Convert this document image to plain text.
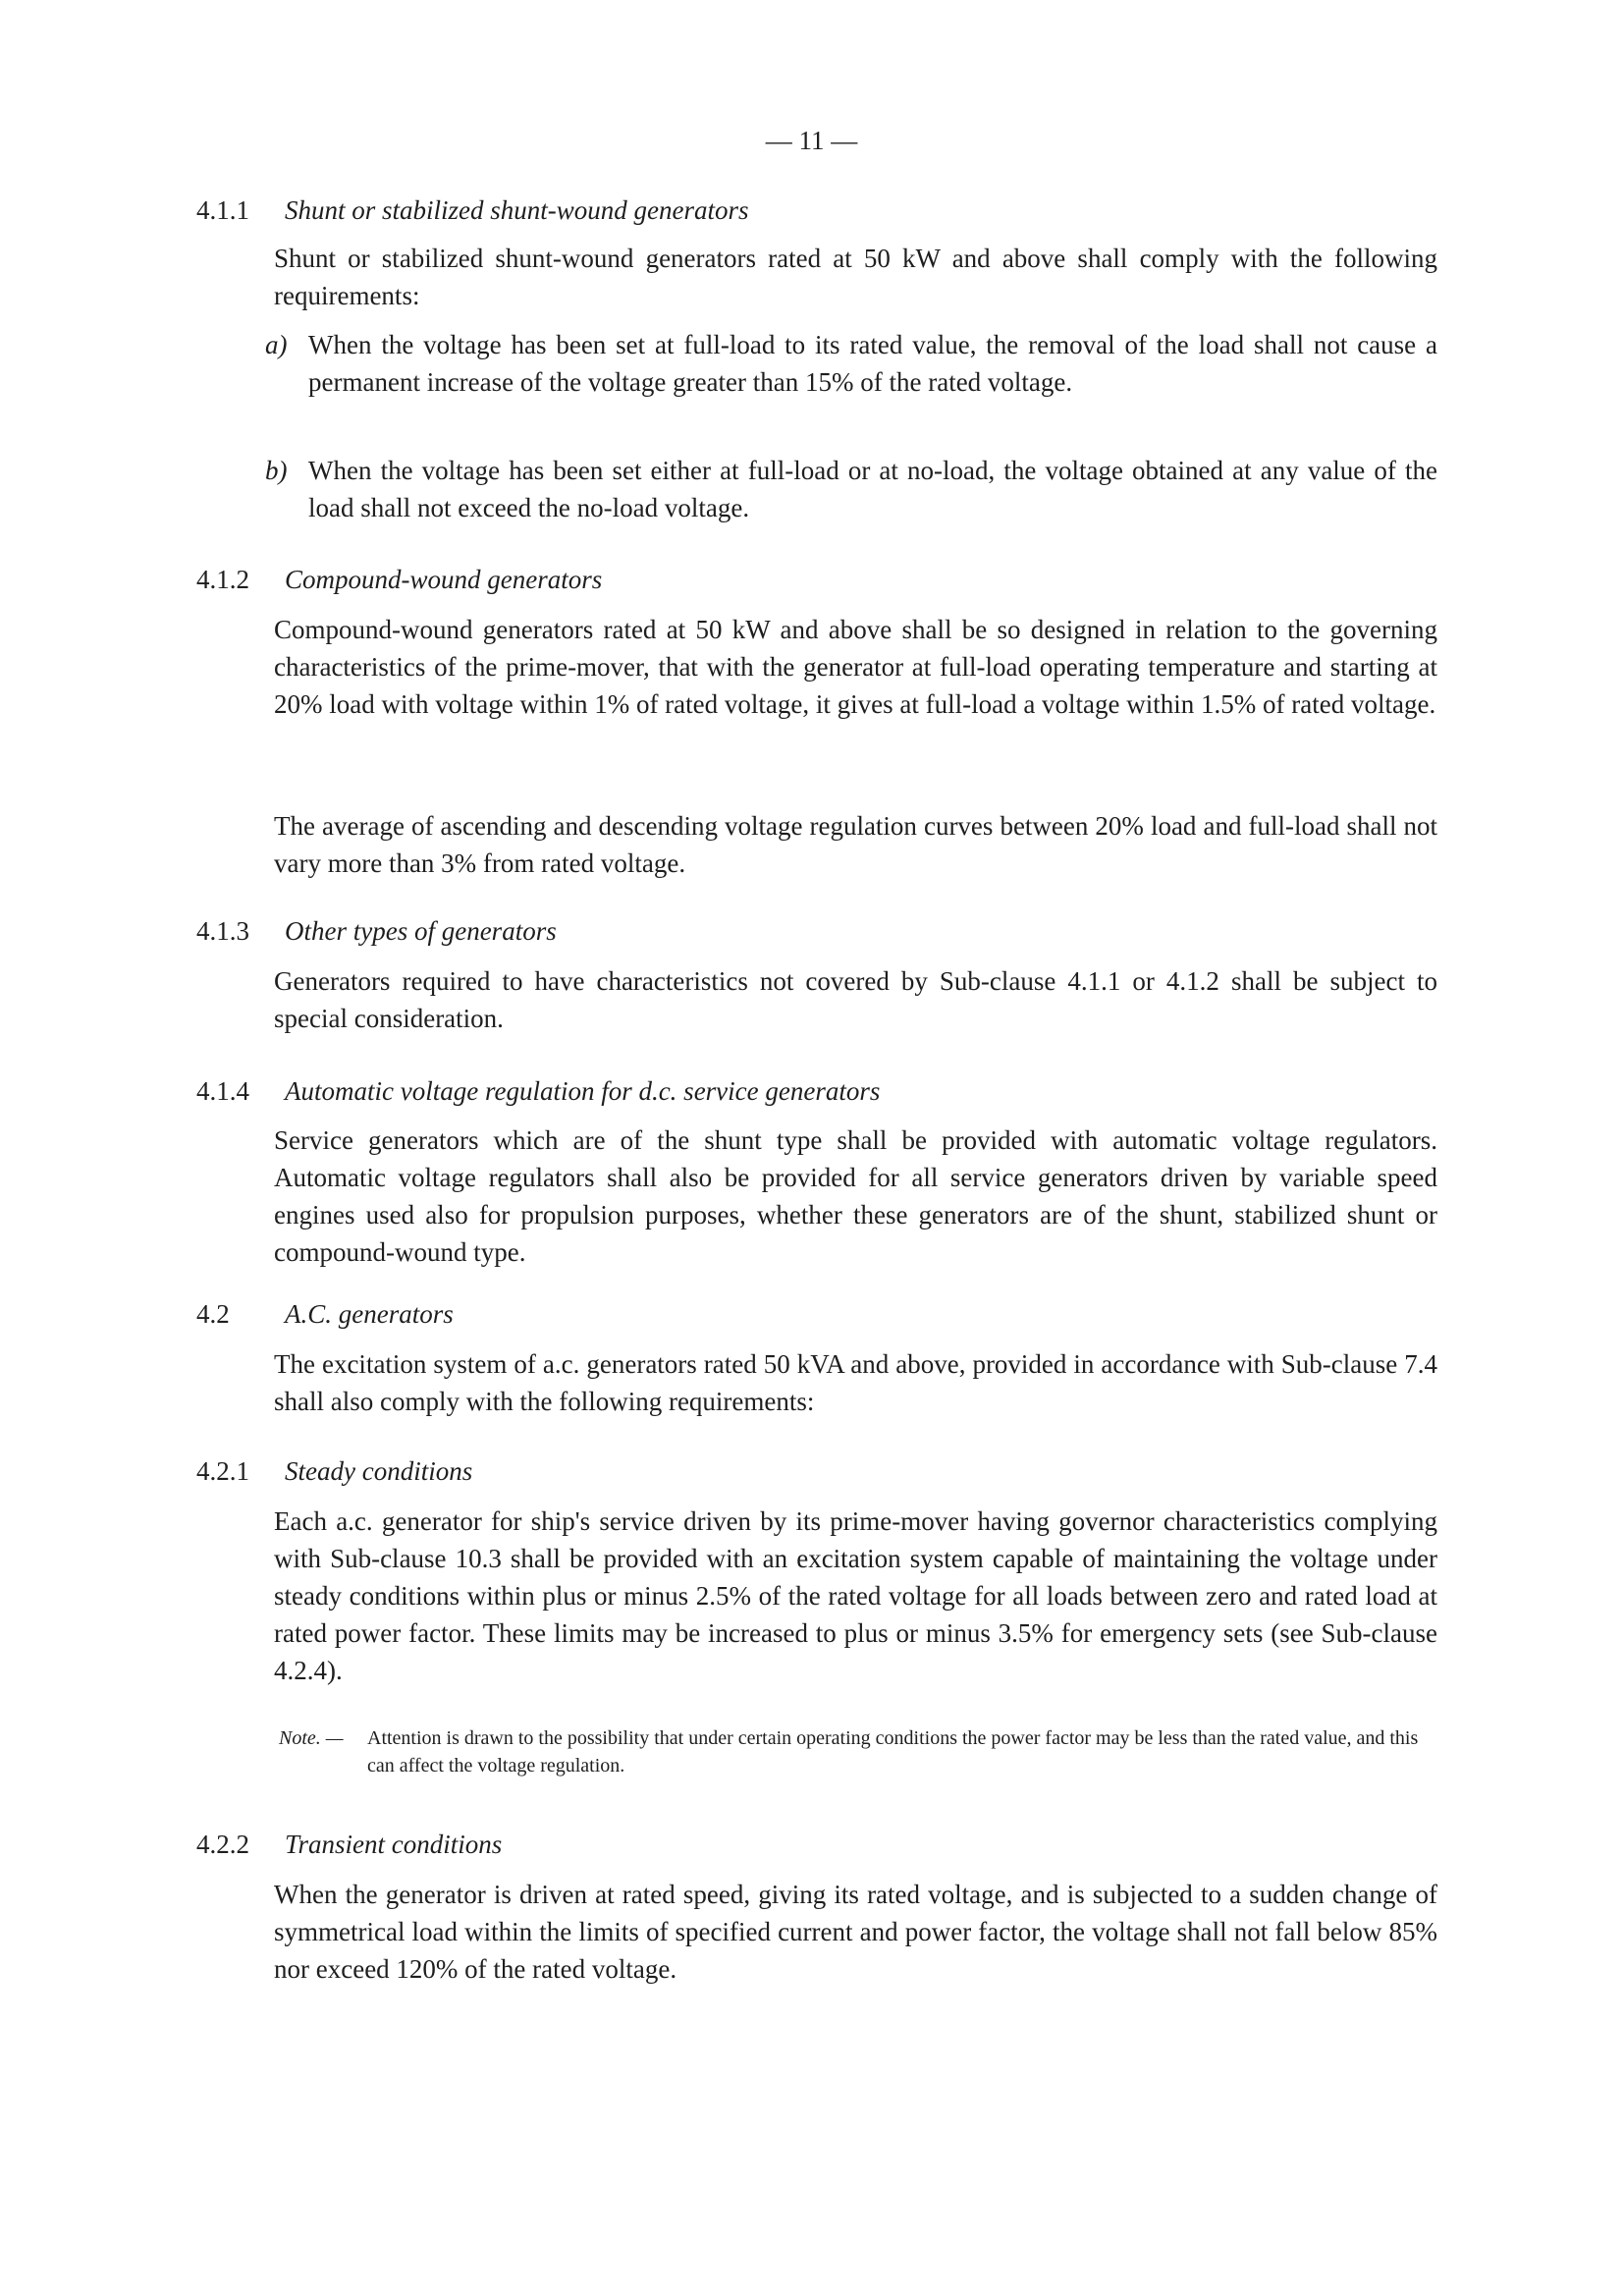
— 11 —
4.1.1 Shunt or stabilized shunt-wound generators

Shunt or stabilized shunt-wound generators rated at 50 kW and above shall comply with the following requirements:

a) When the voltage has been set at full-load to its rated value, the removal of the load shall not cause a permanent increase of the voltage greater than 15% of the rated voltage.

b) When the voltage has been set either at full-load or at no-load, the voltage obtained at any value of the load shall not exceed the no-load voltage.

4.1.2 Compound-wound generators

Compound-wound generators rated at 50 kW and above shall be so designed in relation to the governing characteristics of the prime-mover, that with the generator at full-load operating temperature and starting at 20% load with voltage within 1% of rated voltage, it gives at full-load a voltage within 1.5% of rated voltage.

The average of ascending and descending voltage regulation curves between 20% load and full-load shall not vary more than 3% from rated voltage.

4.1.3 Other types of generators

Generators required to have characteristics not covered by Sub-clause 4.1.1 or 4.1.2 shall be subject to special consideration.

4.1.4 Automatic voltage regulation for d.c. service generators

Service generators which are of the shunt type shall be provided with automatic voltage regulators. Automatic voltage regulators shall also be provided for all service generators driven by variable speed engines used also for propulsion purposes, whether these generators are of the shunt, stabilized shunt or compound-wound type.

4.2 A.C. generators

The excitation system of a.c. generators rated 50 kVA and above, provided in accordance with Sub-clause 7.4 shall also comply with the following requirements:

4.2.1 Steady conditions

Each a.c. generator for ship's service driven by its prime-mover having governor characteristics complying with Sub-clause 10.3 shall be provided with an excitation system capable of maintaining the voltage under steady conditions within plus or minus 2.5% of the rated voltage for all loads between zero and rated load at rated power factor. These limits may be increased to plus or minus 3.5% for emergency sets (see Sub-clause 4.2.4).

Note. — Attention is drawn to the possibility that under certain operating conditions the power factor may be less than the rated value, and this can affect the voltage regulation.

4.2.2 Transient conditions

When the generator is driven at rated speed, giving its rated voltage, and is subjected to a sudden change of symmetrical load within the limits of specified current and power factor, the voltage shall not fall below 85% nor exceed 120% of the rated voltage.
